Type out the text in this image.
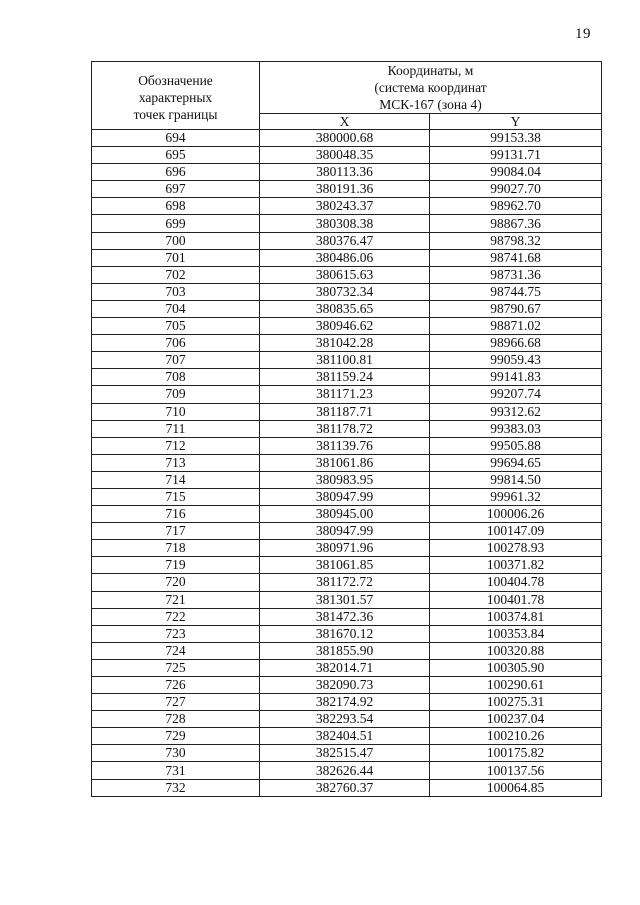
19
Обозначение
характерных
точек границы	Координаты, м
(система координат
МСК-167 (зона 4)	
	X	Y
694	380000.68	99153.38
695	380048.35	99131.71
696	380113.36	99084.04
697	380191.36	99027.70
698	380243.37	98962.70
699	380308.38	98867.36
700	380376.47	98798.32
701	380486.06	98741.68
702	380615.63	98731.36
703	380732.34	98744.75
704	380835.65	98790.67
705	380946.62	98871.02
706	381042.28	98966.68
707	381100.81	99059.43
708	381159.24	99141.83
709	381171.23	99207.74
710	381187.71	99312.62
711	381178.72	99383.03
712	381139.76	99505.88
713	381061.86	99694.65
714	380983.95	99814.50
715	380947.99	99961.32
716	380945.00	100006.26
717	380947.99	100147.09
718	380971.96	100278.93
719	381061.85	100371.82
720	381172.72	100404.78
721	381301.57	100401.78
722	381472.36	100374.81
723	381670.12	100353.84
724	381855.90	100320.88
725	382014.71	100305.90
726	382090.73	100290.61
727	382174.92	100275.31
728	382293.54	100237.04
729	382404.51	100210.26
730	382515.47	100175.82
731	382626.44	100137.56
732	382760.37	100064.85
